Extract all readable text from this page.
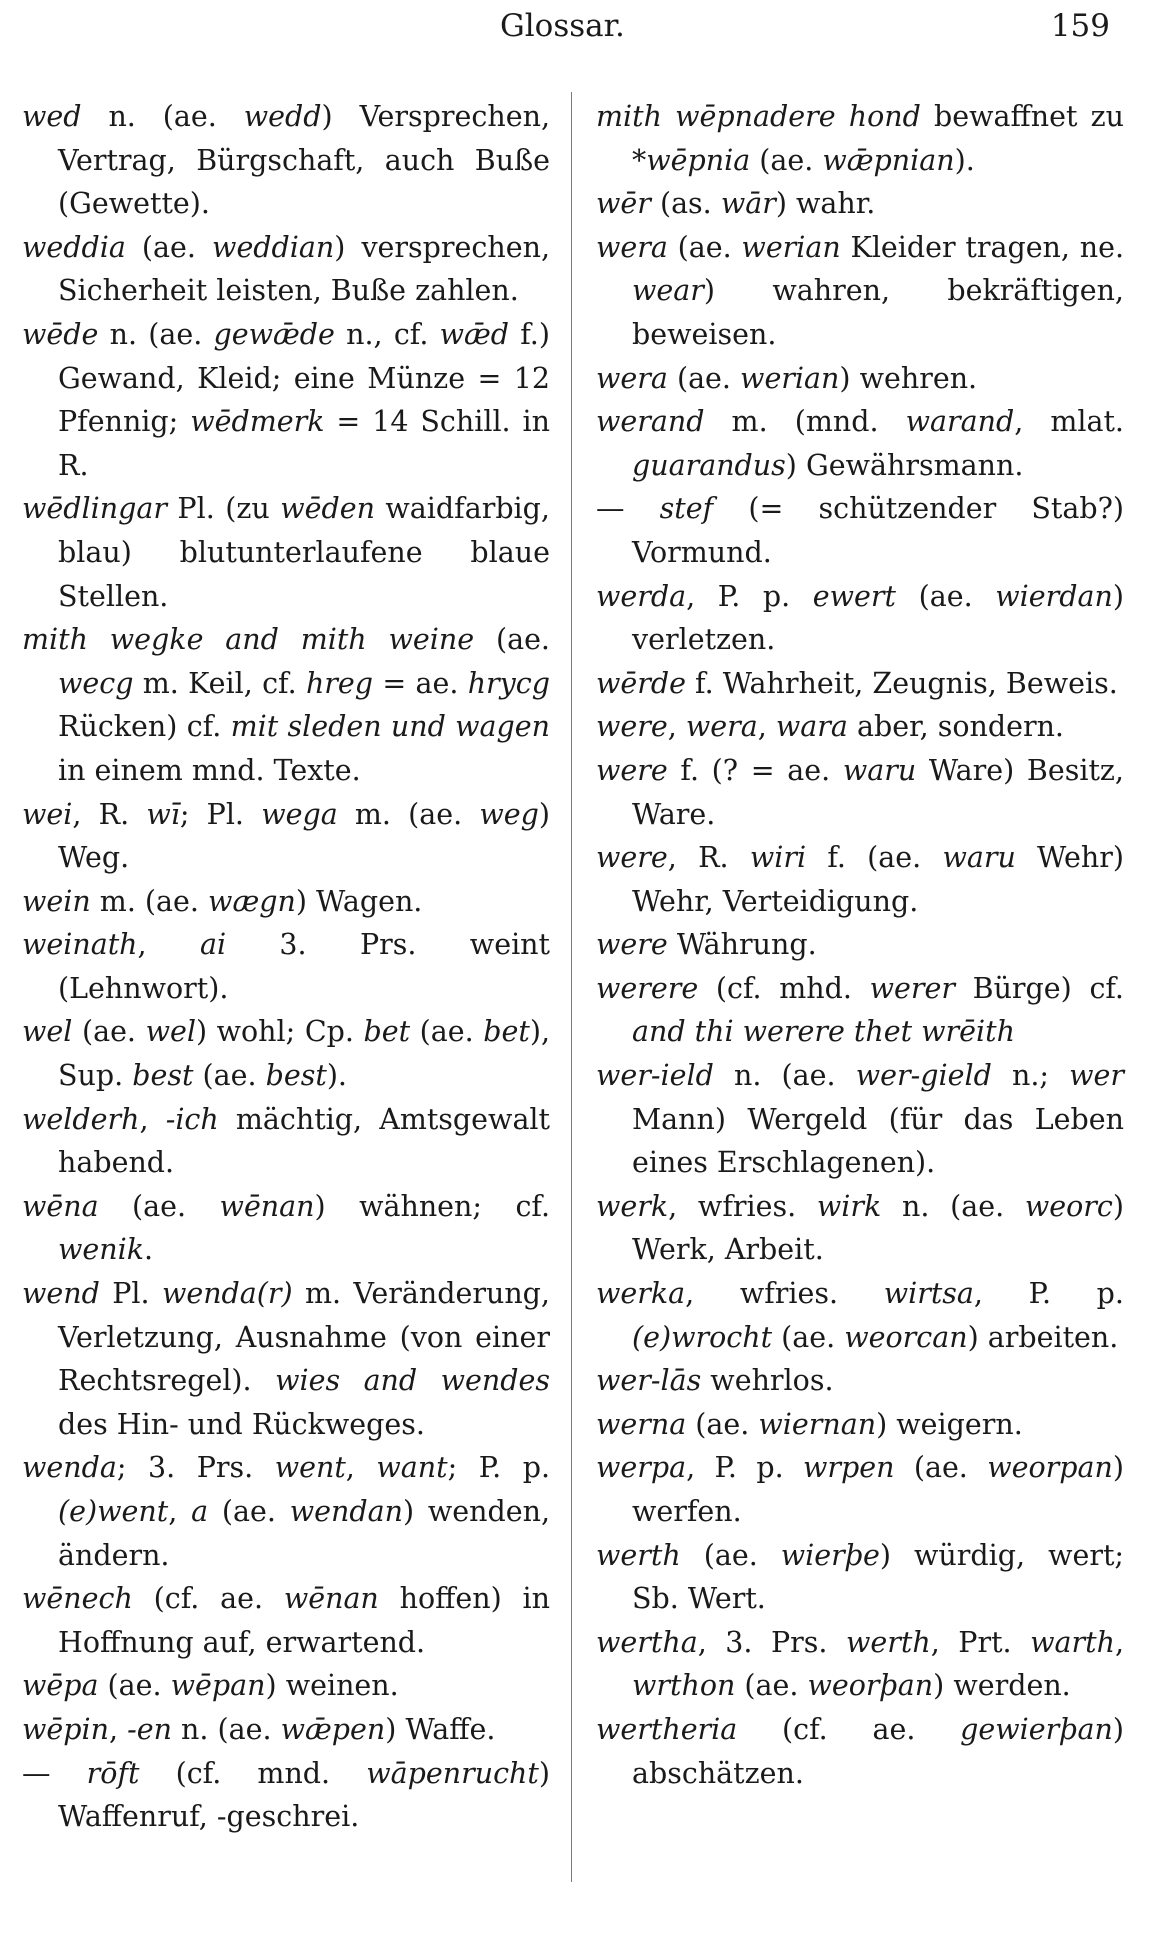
Glossar.	159
wed n. (ae. wedd) Versprechen, Vertrag, Bürgschaft, auch Buße (Gewette).
weddia (ae. weddian) versprechen, Sicherheit leisten, Buße zahlen.
wēde n. (ae. gewǣde n., cf. wǣd f.) Gewand, Kleid; eine Münze = 12 Pfennig; wēdmerk = 14 Schill. in R.
wēdlingar Pl. (zu wēden waidfarbig, blau) blutunterlaufene blaue Stellen.
mith wegke and mith weine (ae. wecg m. Keil, cf. hreg = ae. hrycg Rücken) cf. mit sleden und wagen in einem mnd. Texte.
wei, R. wī; Pl. wega m. (ae. weg) Weg.
wein m. (ae. wægn) Wagen.
weinath, ai 3. Prs. weint (Lehnwort).
wel (ae. wel) wohl; Cp. bet (ae. bet), Sup. best (ae. best).
welderh, -ich mächtig, Amtsgewalt habend.
wēna (ae. wēnan) wähnen; cf. wenik.
wend Pl. wenda(r) m. Veränderung, Verletzung, Ausnahme (von einer Rechtsregel). wies and wendes des Hin- und Rückweges.
wenda; 3. Prs. went, want; P. p. (e)went, a (ae. wendan) wenden, ändern.
wēnech (cf. ae. wēnan hoffen) in Hoffnung auf, erwartend.
wēpa (ae. wēpan) weinen.
wēpin, -en n. (ae. wǣpen) Waffe.
— rōft (cf. mnd. wāpenrucht) Waffenruf, -geschrei.
mith wēpnadere hond bewaffnet zu *wēpnia (ae. wǣpnian).
wēr (as. wār) wahr.
wera (ae. werian Kleider tragen, ne. wear) wahren, bekräftigen, beweisen.
wera (ae. werian) wehren.
werand m. (mnd. warand, mlat. guarandus) Gewährsmann.
— stef (= schützender Stab?) Vormund.
werda, P. p. ewert (ae. wierdan) verletzen.
wērde f. Wahrheit, Zeugnis, Beweis.
were, wera, wara aber, sondern.
were f. (? = ae. waru Ware) Besitz, Ware.
were, R. wiri f. (ae. waru Wehr) Wehr, Verteidigung.
were Währung.
werere (cf. mhd. werer Bürge) cf. and thi werere thet wrēith
wer-ield n. (ae. wer-gield n.; wer Mann) Wergeld (für das Leben eines Erschlagenen).
werk, wfries. wirk n. (ae. weorc) Werk, Arbeit.
werka, wfries. wirtsa, P. p. (e)wrocht (ae. weorcan) arbeiten.
wer-lās wehrlos.
werna (ae. wiernan) weigern.
werpa, P. p. wrpen (ae. weorpan) werfen.
werth (ae. wierþe) würdig, wert; Sb. Wert.
wertha, 3. Prs. werth, Prt. warth, wrthon (ae. weorþan) werden.
wertheria (cf. ae. gewierþan) abschätzen.
